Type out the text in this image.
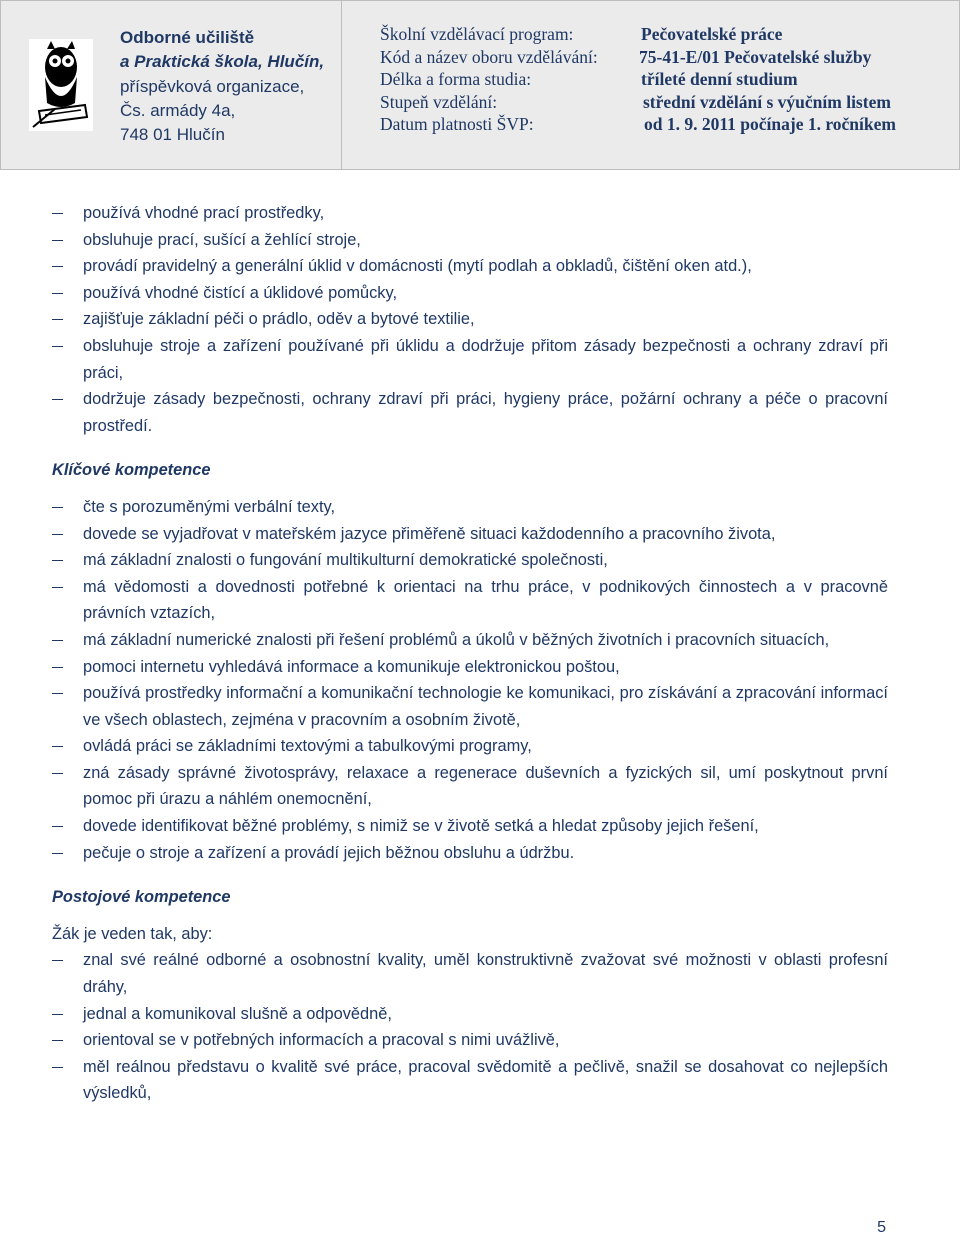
Odborné učiliště
a Praktická škola, Hlučín,
příspěvková organizace,
Čs. armády 4a,
748 01 Hlučín
Školní vzdělávací program:	Pečovatelské práce
Kód a název oboru vzdělávání: 75-41-E/01 Pečovatelské služby
Délka a forma studia:	tříleté denní studium
Stupeň vzdělání:	střední vzdělání s výučním listem
Datum platnosti ŠVP:	od 1. 9. 2011 počínaje 1. ročníkem
používá vhodné prací prostředky,
obsluhuje prací, sušící a žehlící stroje,
provádí pravidelný a generální úklid v domácnosti (mytí podlah a obkladů, čištění oken atd.),
používá vhodné čistící a úklidové pomůcky,
zajišťuje základní péči o prádlo, oděv a bytové textilie,
obsluhuje stroje a zařízení používané při úklidu a dodržuje přitom zásady bezpečnosti a ochrany zdraví při práci,
dodržuje zásady bezpečnosti, ochrany zdraví při práci, hygieny práce, požární ochrany a péče o pracovní prostředí.
Klíčové kompetence
čte s porozuměnými verbální texty,
dovede se vyjadřovat v mateřském jazyce přiměřeně situaci každodenního a pracovního života,
má základní znalosti o fungování multikulturní demokratické společnosti,
má vědomosti a dovednosti potřebné k orientaci na trhu práce, v podnikových činnostech a v pracovně právních vztazích,
má základní numerické znalosti při řešení problémů a úkolů v běžných životních i pracovních situacích,
pomoci internetu vyhledává informace a komunikuje elektronickou poštou,
používá prostředky informační a komunikační technologie ke komunikaci, pro získávání a zpracování informací ve všech oblastech, zejména v pracovním a osobním životě,
ovládá práci se základními textovými a tabulkovými programy,
zná zásady správné životosprávy, relaxace a regenerace duševních a fyzických sil, umí poskytnout první pomoc při úrazu a náhlém onemocnění,
dovede identifikovat běžné problémy, s nimiž se v životě setká a hledat způsoby jejich řešení,
pečuje o stroje a zařízení a provádí jejich běžnou obsluhu a údržbu.
Postojové kompetence
Žák je veden tak, aby:
znal své reálné odborné a osobnostní kvality, uměl konstruktivně zvažovat své možnosti v oblasti profesní dráhy,
jednal a komunikoval slušně a odpovědně,
orientoval se v potřebných informacích a pracoval s nimi uvážlivě,
měl reálnou představu o kvalitě své práce, pracoval svědomitě a pečlivě, snažil se dosahovat co nejlepších výsledků,
5
